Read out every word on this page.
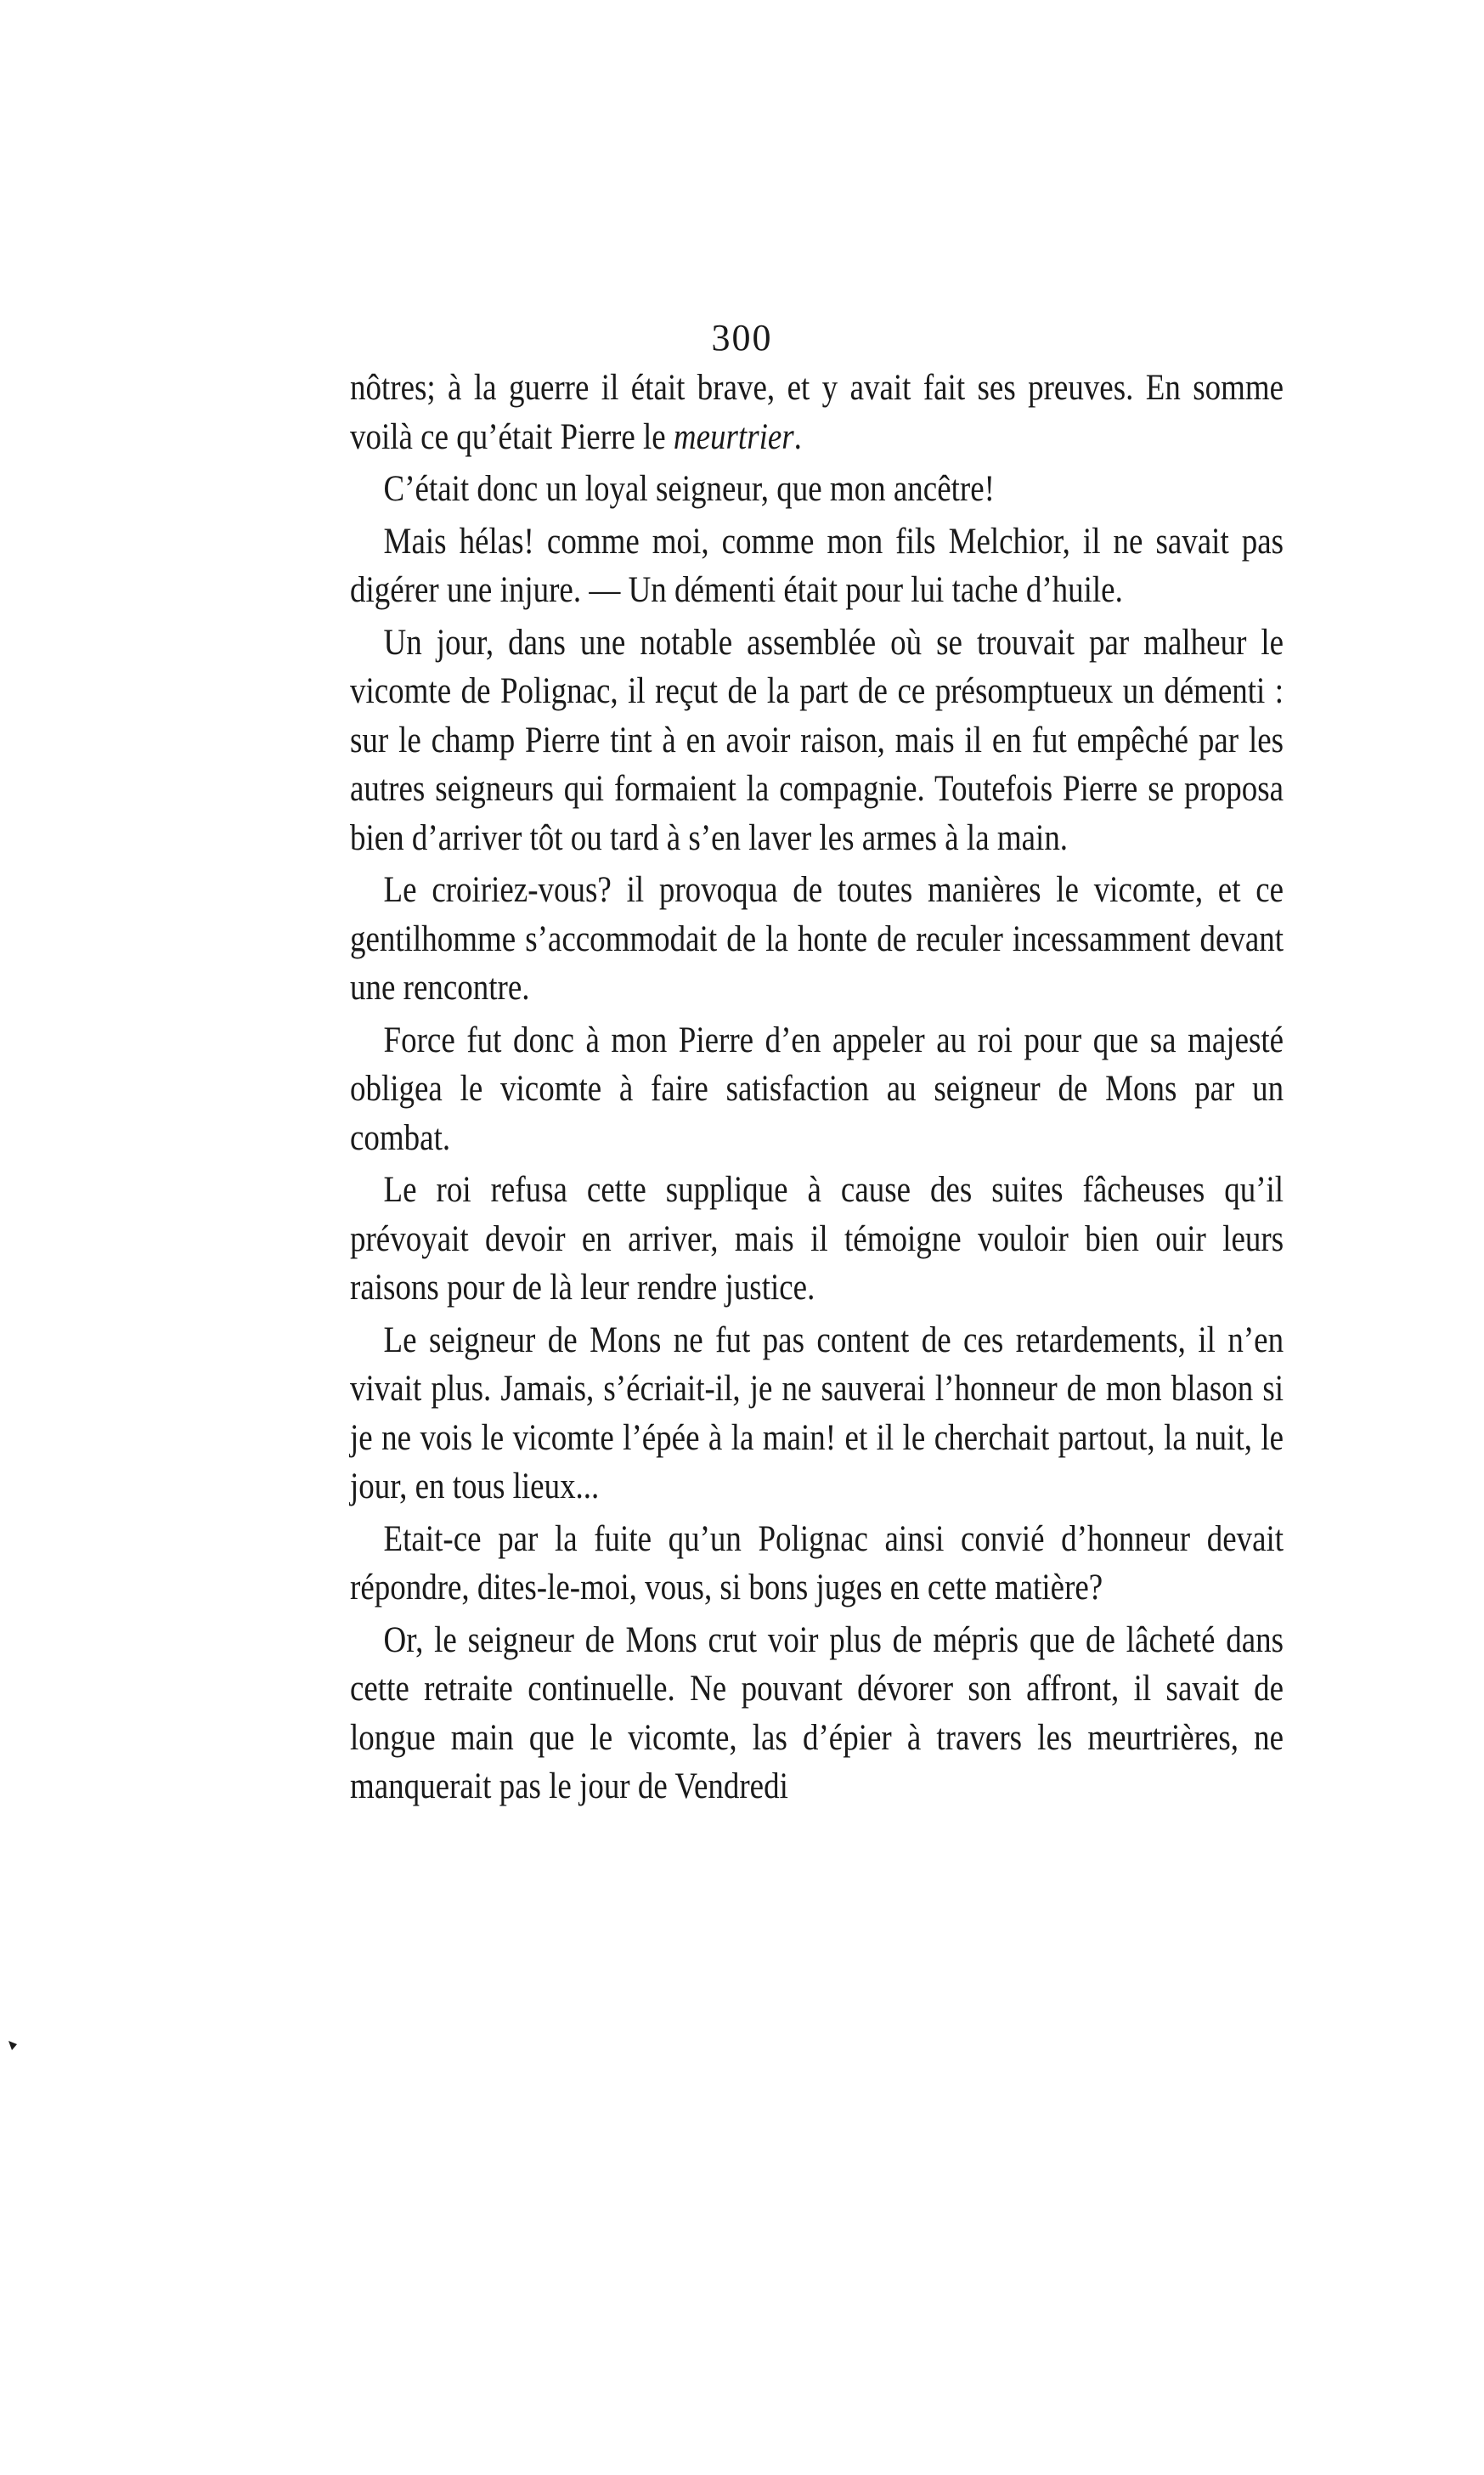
300

nôtres; à la guerre il était brave, et y avait fait ses preuves. En somme voilà ce qu’était Pierre le meurtrier.

C’était donc un loyal seigneur, que mon ancêtre!

Mais hélas! comme moi, comme mon fils Melchior, il ne savait pas digérer une injure. — Un démenti était pour lui tache d’huile.

Un jour, dans une notable assemblée où se trouvait par malheur le vicomte de Polignac, il reçut de la part de ce présomptueux un démenti : sur le champ Pierre tint à en avoir raison, mais il en fut empêché par les autres seigneurs qui formaient la compagnie. Toutefois Pierre se proposa bien d’arriver tôt ou tard à s’en laver les armes à la main.

Le croiriez-vous? il provoqua de toutes manières le vicomte, et ce gentilhomme s’accommodait de la honte de reculer incessamment devant une rencontre.

Force fut donc à mon Pierre d’en appeler au roi pour que sa majesté obligea le vicomte à faire satisfaction au seigneur de Mons par un combat.

Le roi refusa cette supplique à cause des suites fâcheuses qu’il prévoyait devoir en arriver, mais il témoigne vouloir bien ouir leurs raisons pour de là leur rendre justice.

Le seigneur de Mons ne fut pas content de ces retardements, il n’en vivait plus. Jamais, s’écriait-il, je ne sauverai l’honneur de mon blason si je ne vois le vicomte l’épée à la main! et il le cherchait partout, la nuit, le jour, en tous lieux...

Etait-ce par la fuite qu’un Polignac ainsi convié d’honneur devait répondre, dites-le-moi, vous, si bons juges en cette matière?

Or, le seigneur de Mons crut voir plus de mépris que de lâcheté dans cette retraite continuelle. Ne pouvant dévorer son affront, il savait de longue main que le vicomte, las d’épier à travers les meurtrières, ne manquerait pas le jour de Vendredi
